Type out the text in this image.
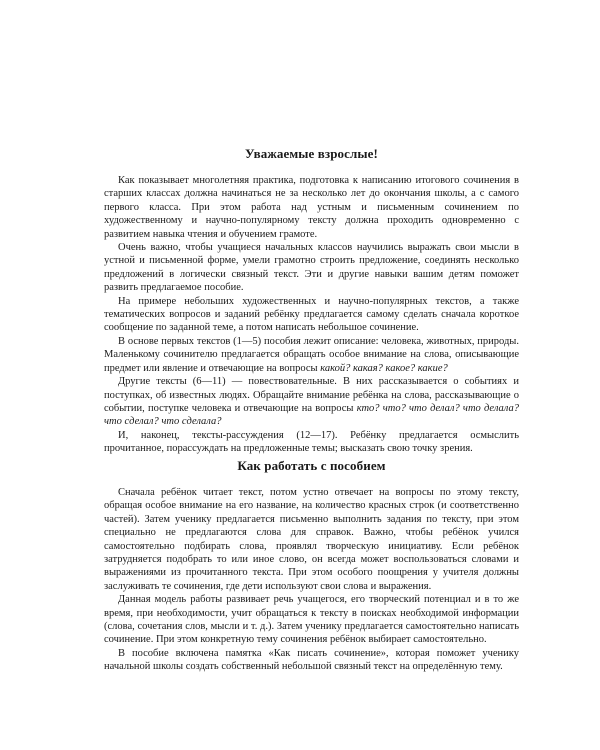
Уважаемые взрослые!

Как показывает многолетняя практика, подготовка к написанию итогового сочинения в старших классах должна начинаться не за несколько лет до окончания школы, а с самого первого класса. При этом работа над устным и письменным сочинением по художественному и научно-популярному тексту должна проходить одновременно с развитием навыка чтения и обучением грамоте.

Очень важно, чтобы учащиеся начальных классов научились выражать свои мысли в устной и письменной форме, умели грамотно строить предложение, соединять несколько предложений в логически связный текст. Эти и другие навыки вашим детям поможет развить предлагаемое пособие.

На примере небольших художественных и научно-популярных текстов, а также тематических вопросов и заданий ребёнку предлагается самому сделать сначала короткое сообщение по заданной теме, а потом написать небольшое сочинение.

В основе первых текстов (1—5) пособия лежит описание: человека, животных, природы. Маленькому сочинителю предлагается обращать особое внимание на слова, описывающие предмет или явление и отвечающие на вопросы какой? какая? какое? какие?

Другие тексты (6—11) — повествовательные. В них рассказывается о событиях и поступках, об известных людях. Обращайте внимание ребёнка на слова, рассказывающие о событии, поступке человека и отвечающие на вопросы кто? что? что делал? что делала? что сделал? что сделала?

И, наконец, тексты-рассуждения (12—17). Ребёнку предлагается осмыслить прочитанное, порассуждать на предложенные темы; высказать свою точку зрения.

Как работать с пособием

Сначала ребёнок читает текст, потом устно отвечает на вопросы по этому тексту, обращая особое внимание на его название, на количество красных строк (и соответственно частей). Затем ученику предлагается письменно выполнить задания по тексту, при этом специально не предлагаются слова для справок. Важно, чтобы ребёнок учился самостоятельно подбирать слова, проявлял творческую инициативу. Если ребёнок затрудняется подобрать то или иное слово, он всегда может воспользоваться словами и выражениями из прочитанного текста. При этом особого поощрения у учителя должны заслуживать те сочинения, где дети используют свои слова и выражения.

Данная модель работы развивает речь учащегося, его творческий потенциал и в то же время, при необходимости, учит обращаться к тексту в поисках необходимой информации (слова, сочетания слов, мысли и т. д.). Затем ученику предлагается самостоятельно написать сочинение. При этом конкретную тему сочинения ребёнок выбирает самостоятельно.

В пособие включена памятка «Как писать сочинение», которая поможет ученику начальной школы создать собственный небольшой связный текст на определённую тему.
